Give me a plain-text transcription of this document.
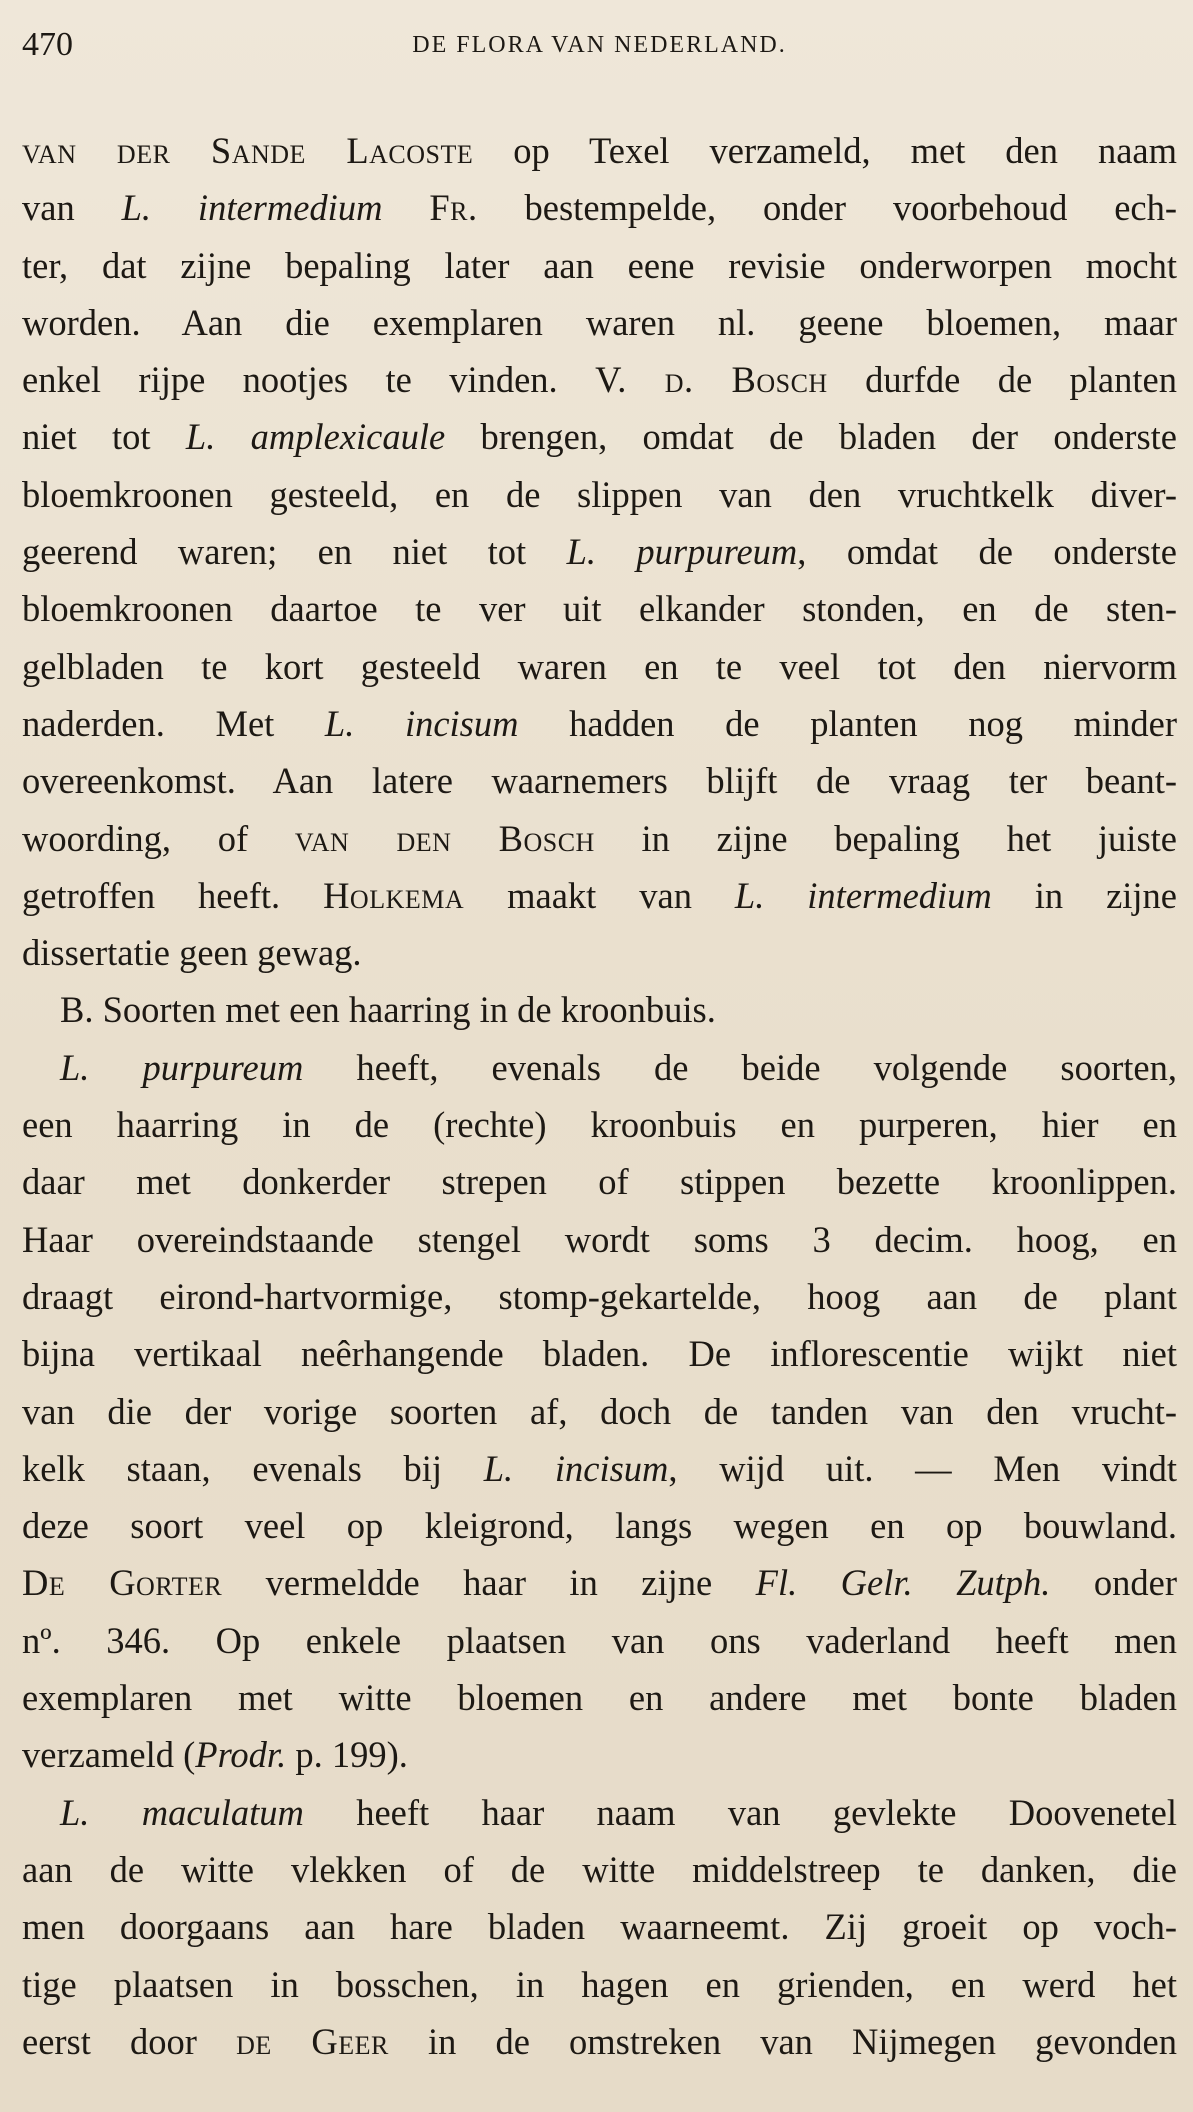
470	DE FLORA VAN NEDERLAND.
van der Sande Lacoste op Texel verzameld, met den naam
van L. intermedium Fr. bestempelde, onder voorbehoud ech-
ter, dat zijne bepaling later aan eene revisie onderworpen mocht
worden. Aan die exemplaren waren nl. geene bloemen, maar
enkel rijpe nootjes te vinden. V. d. Bosch durfde de planten
niet tot L. amplexicaule brengen, omdat de bladen der onderste
bloemkroonen gesteeld, en de slippen van den vruchtkelk diver-
geerend waren; en niet tot L. purpureum, omdat de onderste
bloemkroonen daartoe te ver uit elkander stonden, en de sten-
gelbladen te kort gesteeld waren en te veel tot den niervorm
naderden. Met L. incisum hadden de planten nog minder
overeenkomst. Aan latere waarnemers blijft de vraag ter beant-
woording, of van den Bosch in zijne bepaling het juiste
getroffen heeft. Holkema maakt van L. intermedium in zijne
dissertatie geen gewag.
B. Soorten met een haarring in de kroonbuis.
L. purpureum heeft, evenals de beide volgende soorten,
een haarring in de (rechte) kroonbuis en purperen, hier en
daar met donkerder strepen of stippen bezette kroonlippen.
Haar overeindstaande stengel wordt soms 3 decim. hoog, en
draagt eirond-hartvormige, stomp-gekartelde, hoog aan de plant
bijna vertikaal neêrhangende bladen. De inflorescentie wijkt niet
van die der vorige soorten af, doch de tanden van den vrucht-
kelk staan, evenals bij L. incisum, wijd uit. — Men vindt
deze soort veel op kleigrond, langs wegen en op bouwland.
De Gorter vermeldde haar in zijne Fl. Gelr. Zutph. onder
nº. 346. Op enkele plaatsen van ons vaderland heeft men
exemplaren met witte bloemen en andere met bonte bladen
verzameld (Prodr. p. 199).
L. maculatum heeft haar naam van gevlekte Doovenetel
aan de witte vlekken of de witte middelstreep te danken, die
men doorgaans aan hare bladen waarneemt. Zij groeit op voch-
tige plaatsen in bosschen, in hagen en grienden, en werd het
eerst door de Geer in de omstreken van Nijmegen gevonden
